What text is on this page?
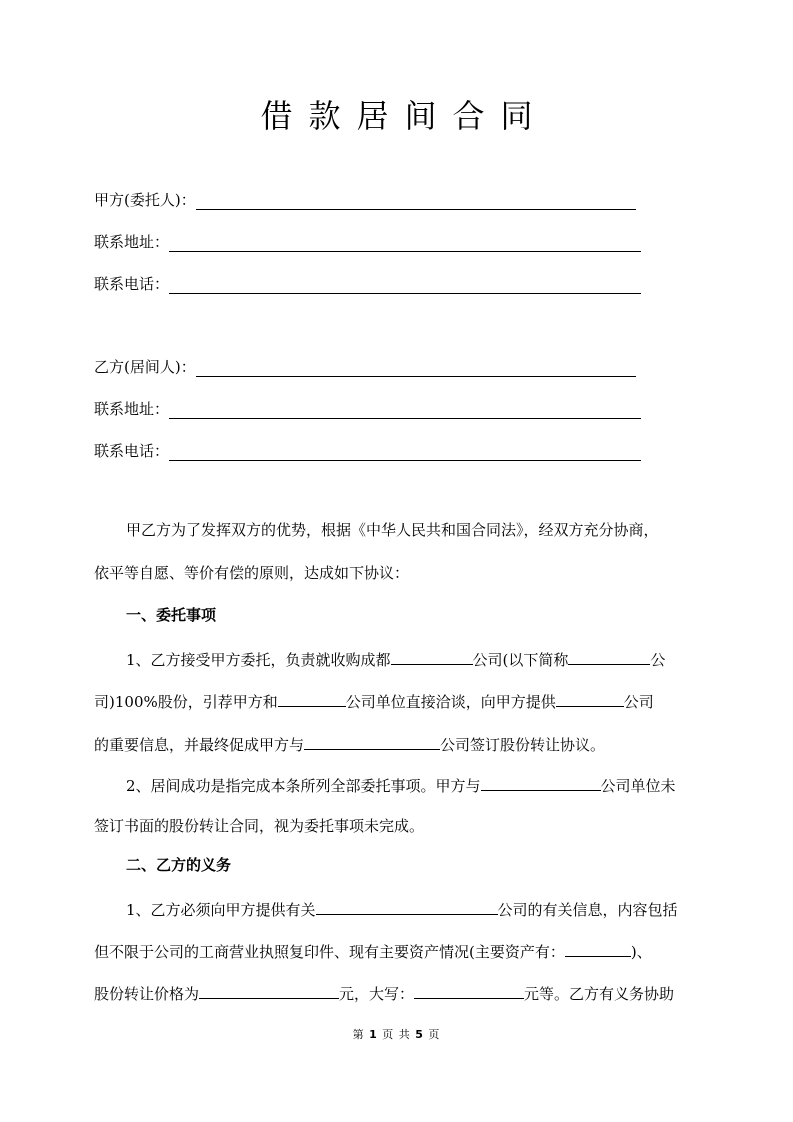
借款居间合同
甲方(委托人)：
联系地址：
联系电话：
乙方(居间人)：
联系地址：
联系电话：
甲乙方为了发挥双方的优势，根据《中华人民共和国合同法》，经双方充分协商，
依平等自愿、等价有偿的原则，达成如下协议：
一、委托事项
1、乙方接受甲方委托，负责就收购成都	公司(以下简称	公
司)100%股份，引荐甲方和	公司单位直接洽谈，向甲方提供	公司
的重要信息，并最终促成甲方与	公司签订股份转让协议。
2、居间成功是指完成本条所列全部委托事项。甲方与	公司单位未
签订书面的股份转让合同，视为委托事项未完成。
二、乙方的义务
1、乙方必须向甲方提供有关	公司的有关信息，内容包括
但不限于公司的工商营业执照复印件、现有主要资产情况(主要资产有：	)、
股份转让价格为	元，大写：	元等。乙方有义务协助
第 1 页 共 5 页
